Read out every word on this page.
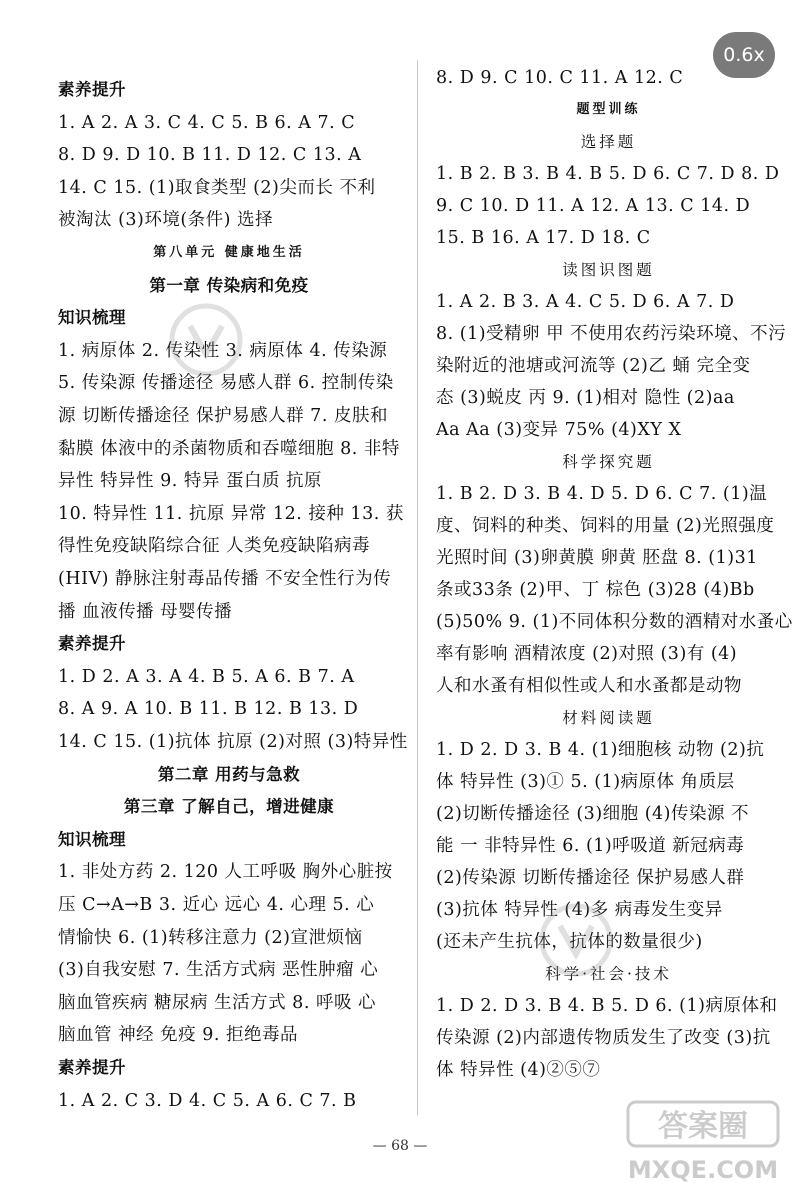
0.6x
素养提升
1. A 2. A 3. C 4. C 5. B 6. A 7. C
8. D 9. D 10. B 11. D 12. C 13. A
14. C 15. (1)取食类型 (2)尖而长 不利
被淘汰 (3)环境(条件) 选择
第八单元 健康地生活
第一章 传染病和免疫
知识梳理
1. 病原体 2. 传染性 3. 病原体 4. 传染源
5. 传染源 传播途径 易感人群 6. 控制传染
源 切断传播途径 保护易感人群 7. 皮肤和
黏膜 体液中的杀菌物质和吞噬细胞 8. 非特
异性 特异性 9. 特异 蛋白质 抗原
10. 特异性 11. 抗原 异常 12. 接种 13. 获
得性免疫缺陷综合征 人类免疫缺陷病毒
(HIV) 静脉注射毒品传播 不安全性行为传
播 血液传播 母婴传播
素养提升
1. D 2. A 3. A 4. B 5. A 6. B 7. A
8. A 9. A 10. B 11. B 12. B 13. D
14. C 15. (1)抗体 抗原 (2)对照 (3)特异性
第二章 用药与急救
第三章 了解自己，增进健康
知识梳理
1. 非处方药 2. 120 人工呼吸 胸外心脏按
压 C→A→B 3. 近心 远心 4. 心理 5. 心
情愉快 6. (1)转移注意力 (2)宣泄烦恼
(3)自我安慰 7. 生活方式病 恶性肿瘤 心
脑血管疾病 糖尿病 生活方式 8. 呼吸 心
脑血管 神经 免疫 9. 拒绝毒品
素养提升
1. A 2. C 3. D 4. C 5. A 6. C 7. B
8. D 9. C 10. C 11. A 12. C
题型训练
选择题
1. B 2. B 3. B 4. B 5. D 6. C 7. D 8. D
9. C 10. D 11. A 12. A 13. C 14. D
15. B 16. A 17. D 18. C
读图识图题
1. A 2. B 3. A 4. C 5. D 6. A 7. D
8. (1)受精卵 甲 不使用农药污染环境、不污
染附近的池塘或河流等 (2)乙 蛹 完全变
态 (3)蜕皮 丙 9. (1)相对 隐性 (2)aa
Aa Aa (3)变异 75% (4)XY X
科学探究题
1. B 2. D 3. B 4. D 5. D 6. C 7. (1)温
度、饲料的种类、饲料的用量 (2)光照强度
光照时间 (3)卵黄膜 卵黄 胚盘 8. (1)31
条或33条 (2)甲、丁 棕色 (3)28 (4)Bb
(5)50% 9. (1)不同体积分数的酒精对水蚤心
率有影响 酒精浓度 (2)对照 (3)有 (4)
人和水蚤有相似性或人和水蚤都是动物
材料阅读题
1. D 2. D 3. B 4. (1)细胞核 动物 (2)抗
体 特异性 (3)① 5. (1)病原体 角质层
(2)切断传播途径 (3)细胞 (4)传染源 不
能 一 非特异性 6. (1)呼吸道 新冠病毒
(2)传染源 切断传播途径 保护易感人群
(3)抗体 特异性 (4)多 病毒发生变异
(还未产生抗体，抗体的数量很少)
科学·社会·技术
1. D 2. D 3. B 4. B 5. D 6. (1)病原体和
传染源 (2)内部遗传物质发生了改变 (3)抗
体 特异性 (4)②⑤⑦
— 68 —
答案圈
MXQE.COM
